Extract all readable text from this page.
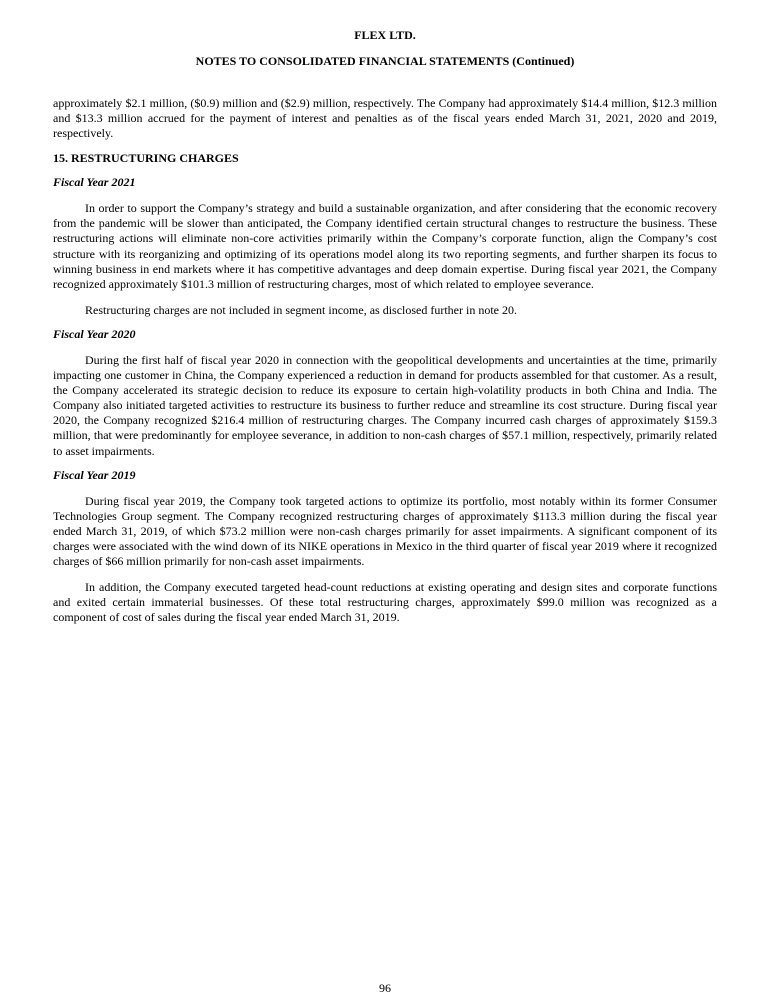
FLEX LTD.
NOTES TO CONSOLIDATED FINANCIAL STATEMENTS (Continued)

approximately $2.1 million, ($0.9) million and ($2.9) million, respectively. The Company had approximately $14.4 million, $12.3 million and $13.3 million accrued for the payment of interest and penalties as of the fiscal years ended March 31, 2021, 2020 and 2019, respectively.

15. RESTRUCTURING CHARGES
Fiscal Year 2021

In order to support the Company’s strategy and build a sustainable organization, and after considering that the economic recovery from the pandemic will be slower than anticipated, the Company identified certain structural changes to restructure the business. These restructuring actions will eliminate non-core activities primarily within the Company’s corporate function, align the Company’s cost structure with its reorganizing and optimizing of its operations model along its two reporting segments, and further sharpen its focus to winning business in end markets where it has competitive advantages and deep domain expertise. During fiscal year 2021, the Company recognized approximately $101.3 million of restructuring charges, most of which related to employee severance.

Restructuring charges are not included in segment income, as disclosed further in note 20.

Fiscal Year 2020

During the first half of fiscal year 2020 in connection with the geopolitical developments and uncertainties at the time, primarily impacting one customer in China, the Company experienced a reduction in demand for products assembled for that customer. As a result, the Company accelerated its strategic decision to reduce its exposure to certain high-volatility products in both China and India. The Company also initiated targeted activities to restructure its business to further reduce and streamline its cost structure. During fiscal year 2020, the Company recognized $216.4 million of restructuring charges. The Company incurred cash charges of approximately $159.3 million, that were predominantly for employee severance, in addition to non-cash charges of $57.1 million, respectively, primarily related to asset impairments.

Fiscal Year 2019

During fiscal year 2019, the Company took targeted actions to optimize its portfolio, most notably within its former Consumer Technologies Group segment. The Company recognized restructuring charges of approximately $113.3 million during the fiscal year ended March 31, 2019, of which $73.2 million were non-cash charges primarily for asset impairments. A significant component of its charges were associated with the wind down of its NIKE operations in Mexico in the third quarter of fiscal year 2019 where it recognized charges of $66 million primarily for non-cash asset impairments.

In addition, the Company executed targeted head-count reductions at existing operating and design sites and corporate functions and exited certain immaterial businesses. Of these total restructuring charges, approximately $99.0 million was recognized as a component of cost of sales during the fiscal year ended March 31, 2019.

96
